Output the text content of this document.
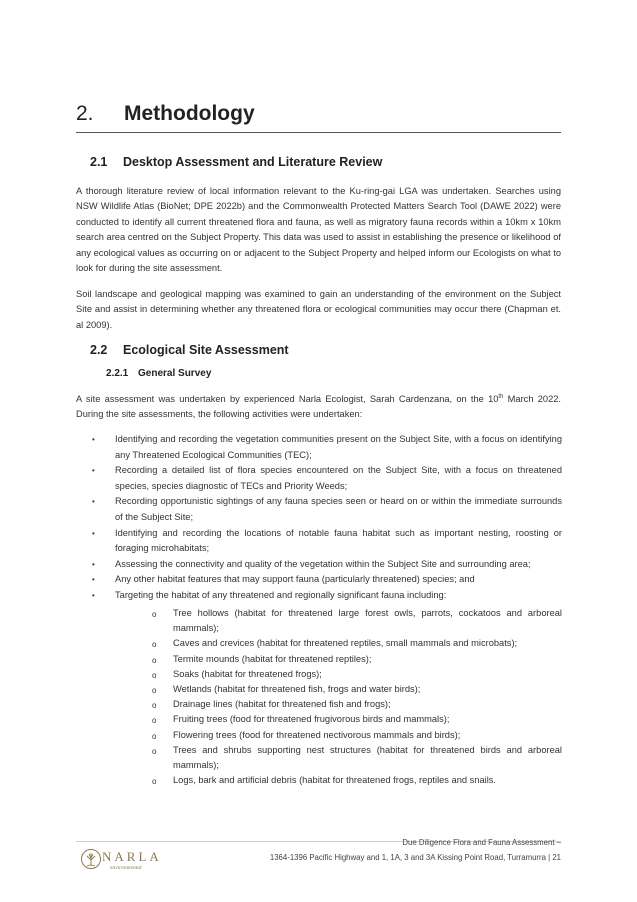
2. Methodology
2.1 Desktop Assessment and Literature Review

A thorough literature review of local information relevant to the Ku-ring-gai LGA was undertaken. Searches using NSW Wildlife Atlas (BioNet; DPE 2022b) and the Commonwealth Protected Matters Search Tool (DAWE 2022) were conducted to identify all current threatened flora and fauna, as well as migratory fauna records within a 10km x 10km search area centred on the Subject Property. This data was used to assist in establishing the presence or likelihood of any ecological values as occurring on or adjacent to the Subject Property and helped inform our Ecologists on what to look for during the site assessment.

Soil landscape and geological mapping was examined to gain an understanding of the environment on the Subject Site and assist in determining whether any threatened flora or ecological communities may occur there (Chapman et. al 2009).

2.2 Ecological Site Assessment
2.2.1 General Survey

A site assessment was undertaken by experienced Narla Ecologist, Sarah Cardenzana, on the 10th March 2022. During the site assessments, the following activities were undertaken:

• Identifying and recording the vegetation communities present on the Subject Site, with a focus on identifying any Threatened Ecological Communities (TEC);
• Recording a detailed list of flora species encountered on the Subject Site, with a focus on threatened species, species diagnostic of TECs and Priority Weeds;
• Recording opportunistic sightings of any fauna species seen or heard on or within the immediate surrounds of the Subject Site;
• Identifying and recording the locations of notable fauna habitat such as important nesting, roosting or foraging microhabitats;
• Assessing the connectivity and quality of the vegetation within the Subject Site and surrounding area;
• Any other habitat features that may support fauna (particularly threatened) species; and
• Targeting the habitat of any threatened and regionally significant fauna including:
o Tree hollows (habitat for threatened large forest owls, parrots, cockatoos and arboreal mammals);
o Caves and crevices (habitat for threatened reptiles, small mammals and microbats);
o Termite mounds (habitat for threatened reptiles);
o Soaks (habitat for threatened frogs);
o Wetlands (habitat for threatened fish, frogs and water birds);
o Drainage lines (habitat for threatened fish and frogs);
o Fruiting trees (food for threatened frugivorous birds and mammals);
o Flowering trees (food for threatened nectivorous mammals and birds);
o Trees and shrubs supporting nest structures (habitat for threatened birds and arboreal mammals);
o Logs, bark and artificial debris (habitat for threatened frogs, reptiles and snails.
NARLA
environmental
Due Diligence Flora and Fauna Assessment –
1364-1396 Pacific Highway and 1, 1A, 3 and 3A Kissing Point Road, Turramurra | 21
